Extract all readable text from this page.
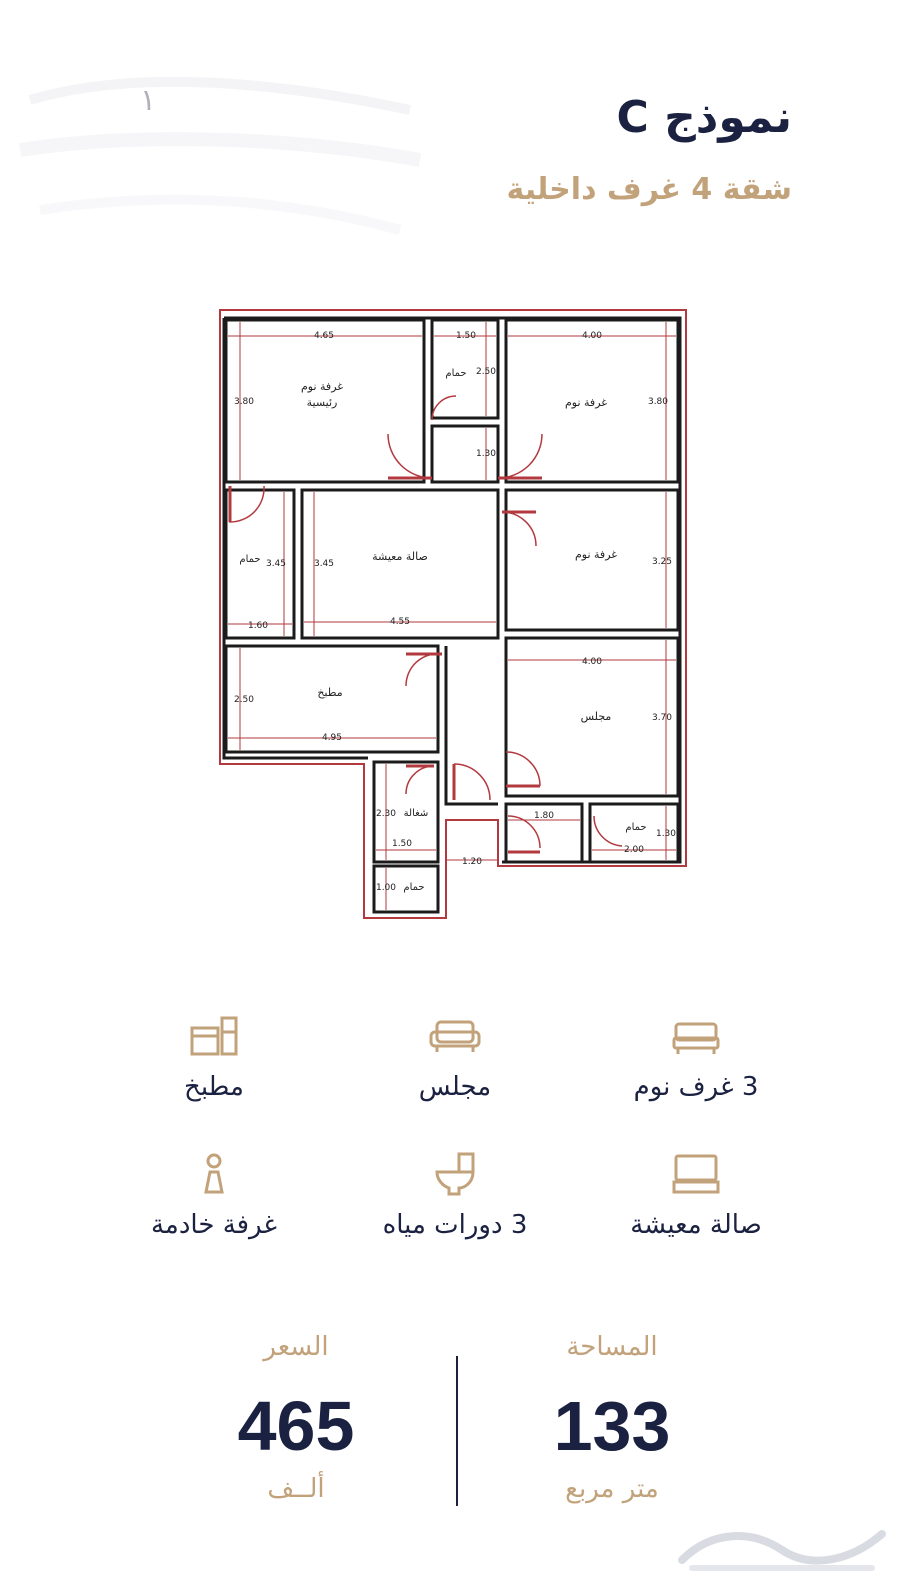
١	نموذج C
شقة 4 غرف داخلية
غرفة نوم
رئيسية
حمام
غرفة نوم
حمام	صالة معيشة	غرفة نوم
مطبخ
مجلس
شغالة
حمام
حمام
4.65	1.50	4.00
3.80
2.50
3.80
1.30
3.45	3.45	3.25
1.60	4.55
4.00
2.50
3.70
4.95
2.30	1.80
1.30
1.50
2.00
1.20
1.00
3 غرف نوم
مجلس
مطبخ
صالة معيشة
3 دورات مياه
غرفة خادمة
المساحة
133
متر مربع
السعر
465
ألــف
